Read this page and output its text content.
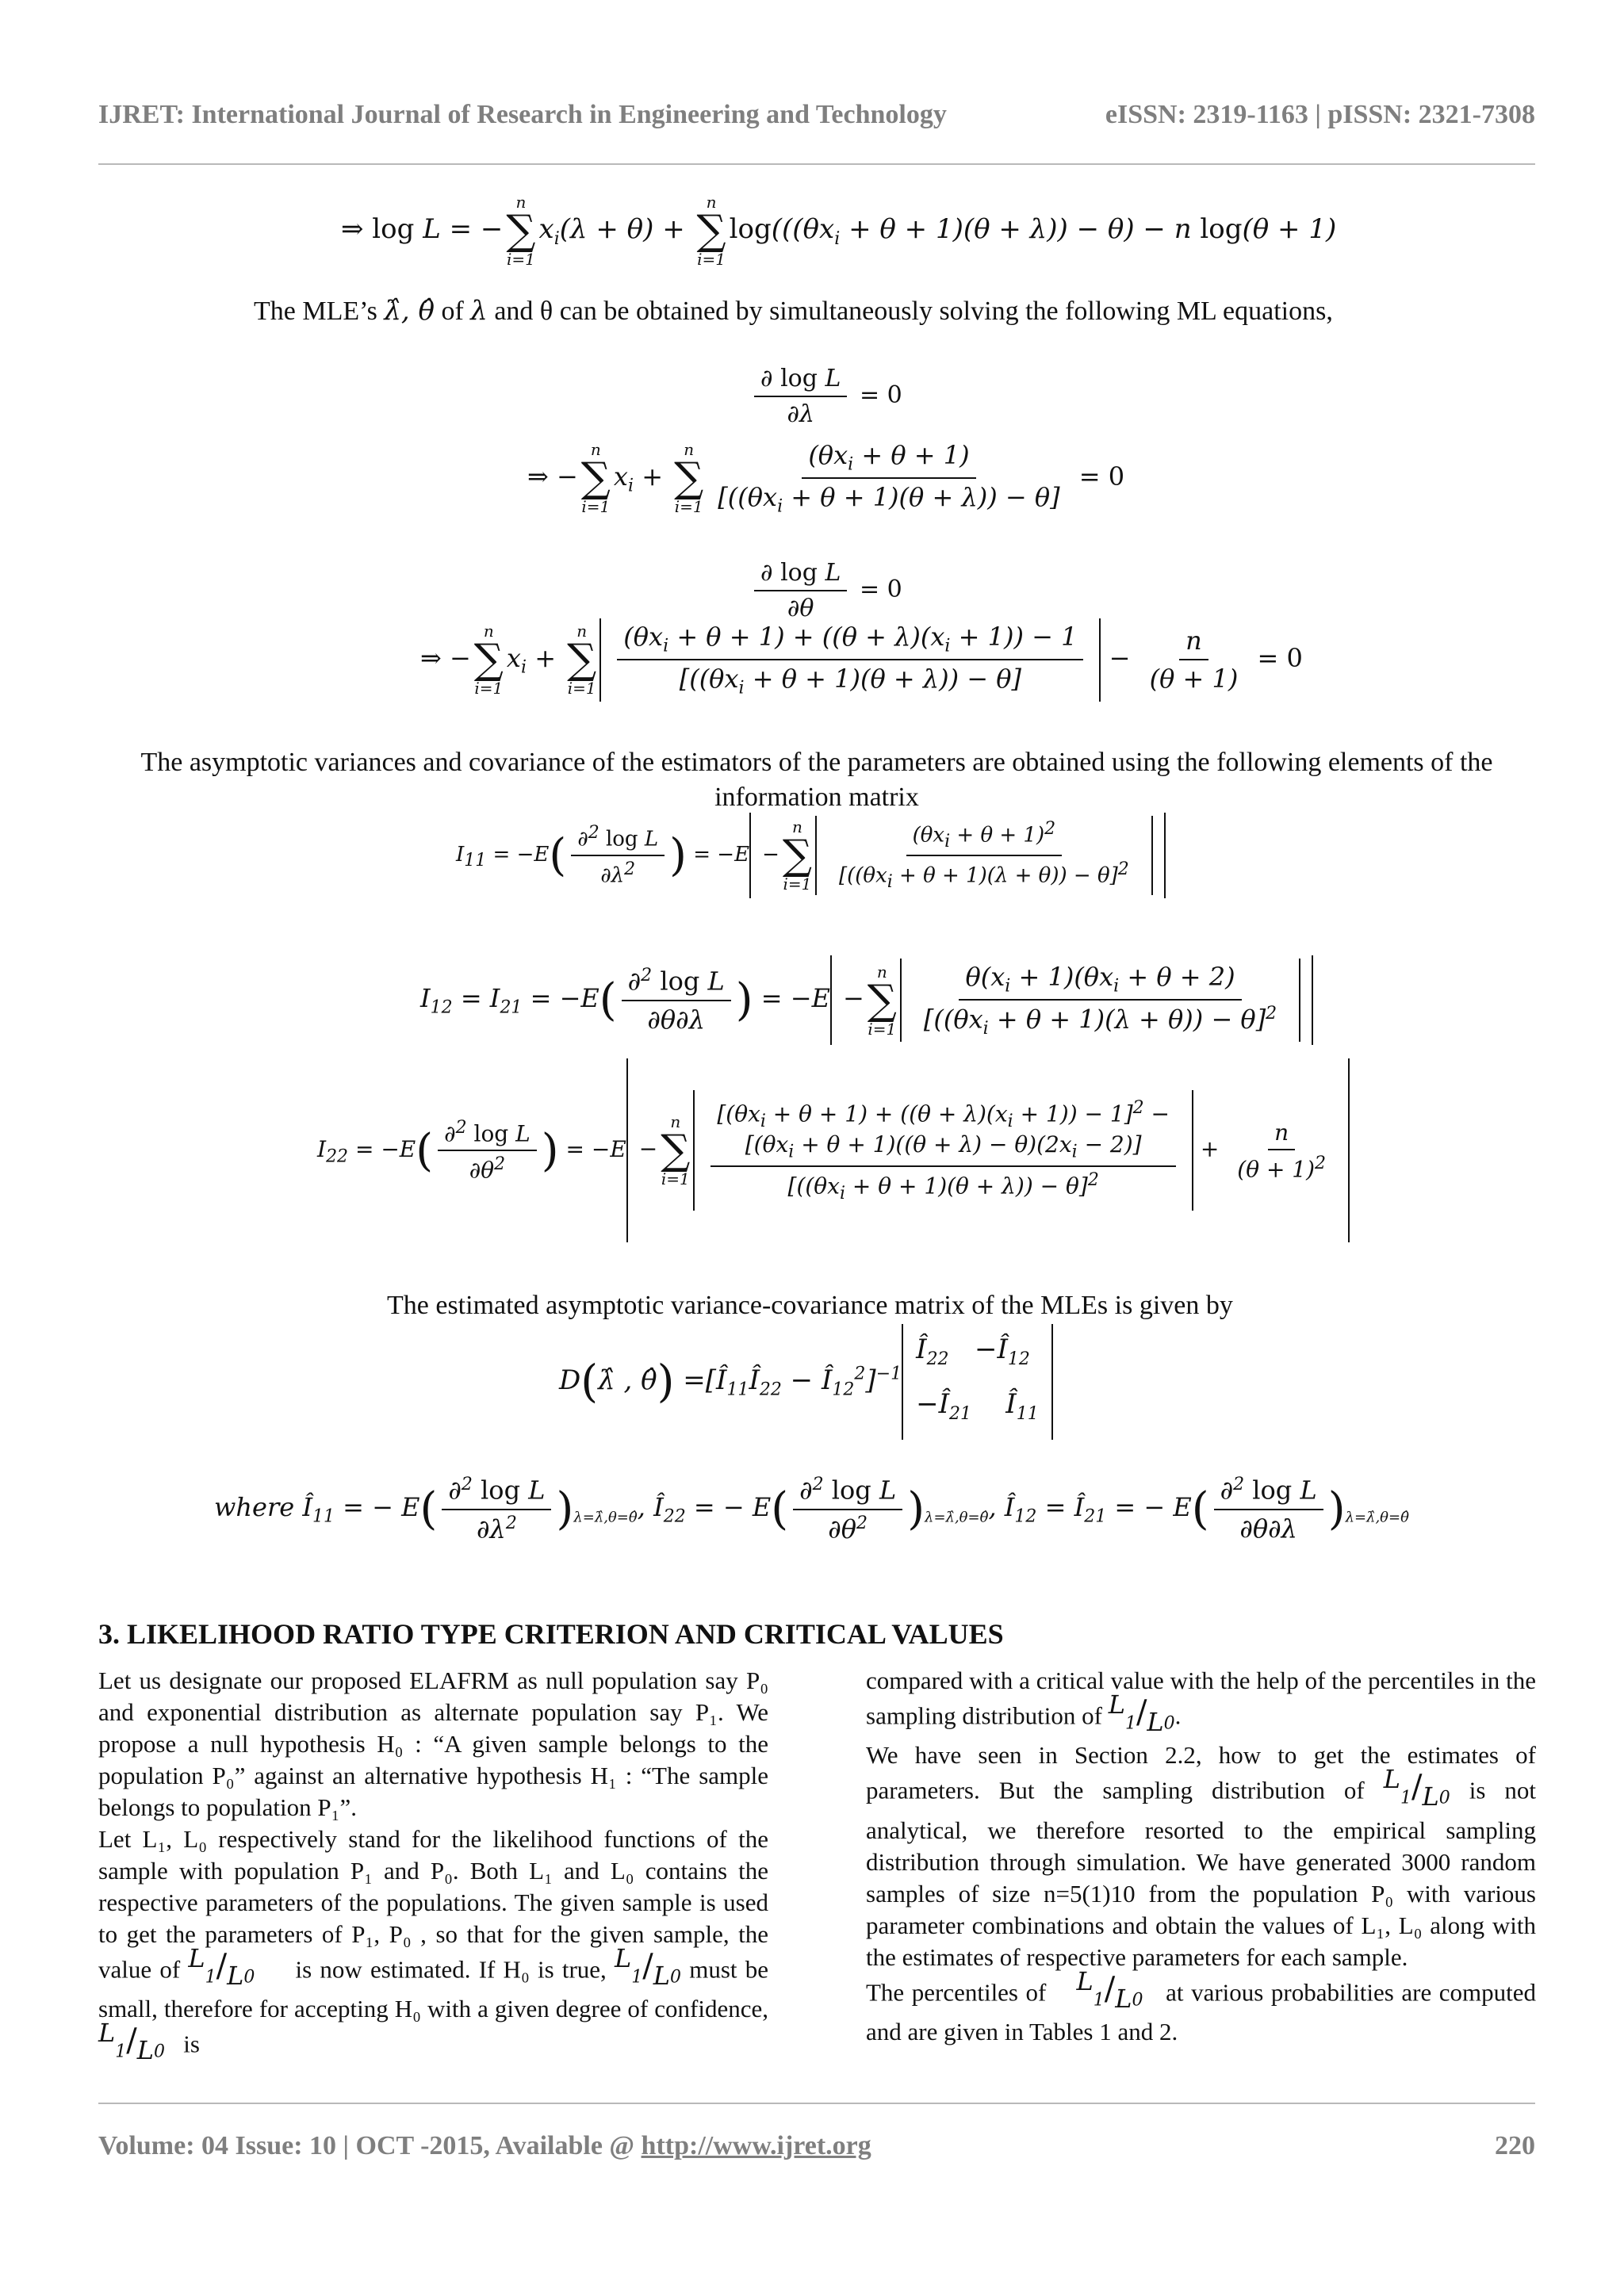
IJRET: International Journal of Research in Engineering and Technology	eISSN: 2319-1163 | pISSN: 2321-7308
⇒ log L = −
n
∑
i=1
$x_i(\lambda + \theta)$ +
n
∑
i=1
$\log(((\theta x_i + \theta + 1)(\theta + \lambda)) - \theta) - n$ log(θ + 1)
The MLE’s λ̂, θ̂ of λ and θ can be obtained by simultaneously solving the following ML equations,
$\frac{\text{∂ log L}}{\partial\lambda} = 0$
⇒ −
n
∑
i=1
$x_i$ +
n
∑
$i=1 \frac{(\theta x_i + \theta + 1)}{[((\theta x_i + \theta + 1)(\theta + \lambda)) - \theta]} = 0$
$\frac{\text{∂ log L}}{\partial\theta} = 0$
⇒ −
n
∑
i=1
$x_i$ +
n
∑
$i=1 \frac{(\theta x_i + \theta + 1) + ((\theta + \lambda)(x_i + 1)) - 1}{[((\theta x_i + \theta + 1)(\theta + \lambda)) - \theta]} - \frac{n}{(\theta + 1)} = 0$
The asymptotic variances and covariance of the estimators of the parameters are obtained using the following elements of the information matrix
$I_{11} = -E( \frac{\partial^2 \log L}{\partial\lambda^2}$ ) = −E −
n
∑
$i=1 \frac{(\theta x_i + \theta + 1)^2}{[((\theta x_i + \theta + 1)(\lambda + \theta)) - \theta]^2}$
$I_{12} = I_{21} = -E( \frac{\partial^2 \log L}{\partial\theta\partial\lambda}$ ) = −E −
n
∑
$i=1 \frac{\theta(x_i + 1)(\theta x_i + \theta + 2)}{[((\theta x_i + \theta + 1)(\lambda + \theta)) - \theta]^2}$
$I_{22} = -E( \frac{\partial^2 \log L}{\partial\theta^2}$ ) = −E −
n
∑
i=1
$[(\theta x_i + \theta + 1) + ((\theta + \lambda)(x_i + 1)) - 1]^2$ −
$[(\theta x_i + \theta + 1)((\theta + \lambda) - \theta)(2x_i - 2)]$
$[((\theta x_i + \theta + 1)(\theta + \lambda)) - \theta]^2$
+ $\frac{n}{(\theta + 1)^2}$
The estimated asymptotic variance-covariance matrix of the MLEs is given by
D(λ̂ , θ̂) $=[Î_{11}Î_{22}$ − $Î_{12}^2]^{-1}$
$Î_{22}$   $-Î_{12}$
$-Î_{21}$    $Î_{11}$
where $Î_{11}$ = − $E( \frac{\partial^2 \log L}{\partial\lambda^2} )_{\lambda=\lambdâ,\theta=\thetâ}$, $Î_{22}$ = − $E( \frac{\partial^2 \log L}{\partial\theta^2} )_{\lambda=\lambdâ,\theta=\thetâ}$, $Î_{12}$ = $Î_{21}$ = − $E( \frac{\partial^2 \log L}{\partial\theta\partial\lambda} )_{\lambda=\lambdâ,\theta=\thetâ}$
3. LIKELIHOOD RATIO TYPE CRITERION AND CRITICAL VALUES
Let us designate our proposed ELAFRM as null population say P₀ and exponential distribution as alternate population say P₁. We propose a null hypothesis H₀ : “A given sample belongs to the population P₀” against an alternative hypothesis H₁ : “The sample belongs to population P₁”.
Let L₁, L₀ respectively stand for the likelihood functions of the sample with population P₁ and P₀. Both L₁ and L₀ contains the respective parameters of the populations. The given sample is used to get the parameters of P₁, P₀ , so that for the given sample, the value of $L_1/L_0$ is now estimated. If H₀ is true, $L_1/L_0$ must be small, therefore for accepting H₀ with a given degree of confidence, $L_1/L_0$ is
compared with a critical value with the help of the percentiles in the sampling distribution of $L_1/L_0$.
We have seen in Section 2.2, how to get the estimates of parameters. But the sampling distribution of $L_1/L_0$ is not analytical, we therefore resorted to the empirical sampling distribution through simulation. We have generated 3000 random samples of size n=5(1)10 from the population P₀ with various parameter combinations and obtain the values of L₁, L₀ along with the estimates of respective parameters for each sample.
The percentiles of $L_1/L_0$ at various probabilities are computed and are given in Tables 1 and 2.
Volume: 04 Issue: 10 | OCT -2015, Available @ http://www.ijret.org	220
